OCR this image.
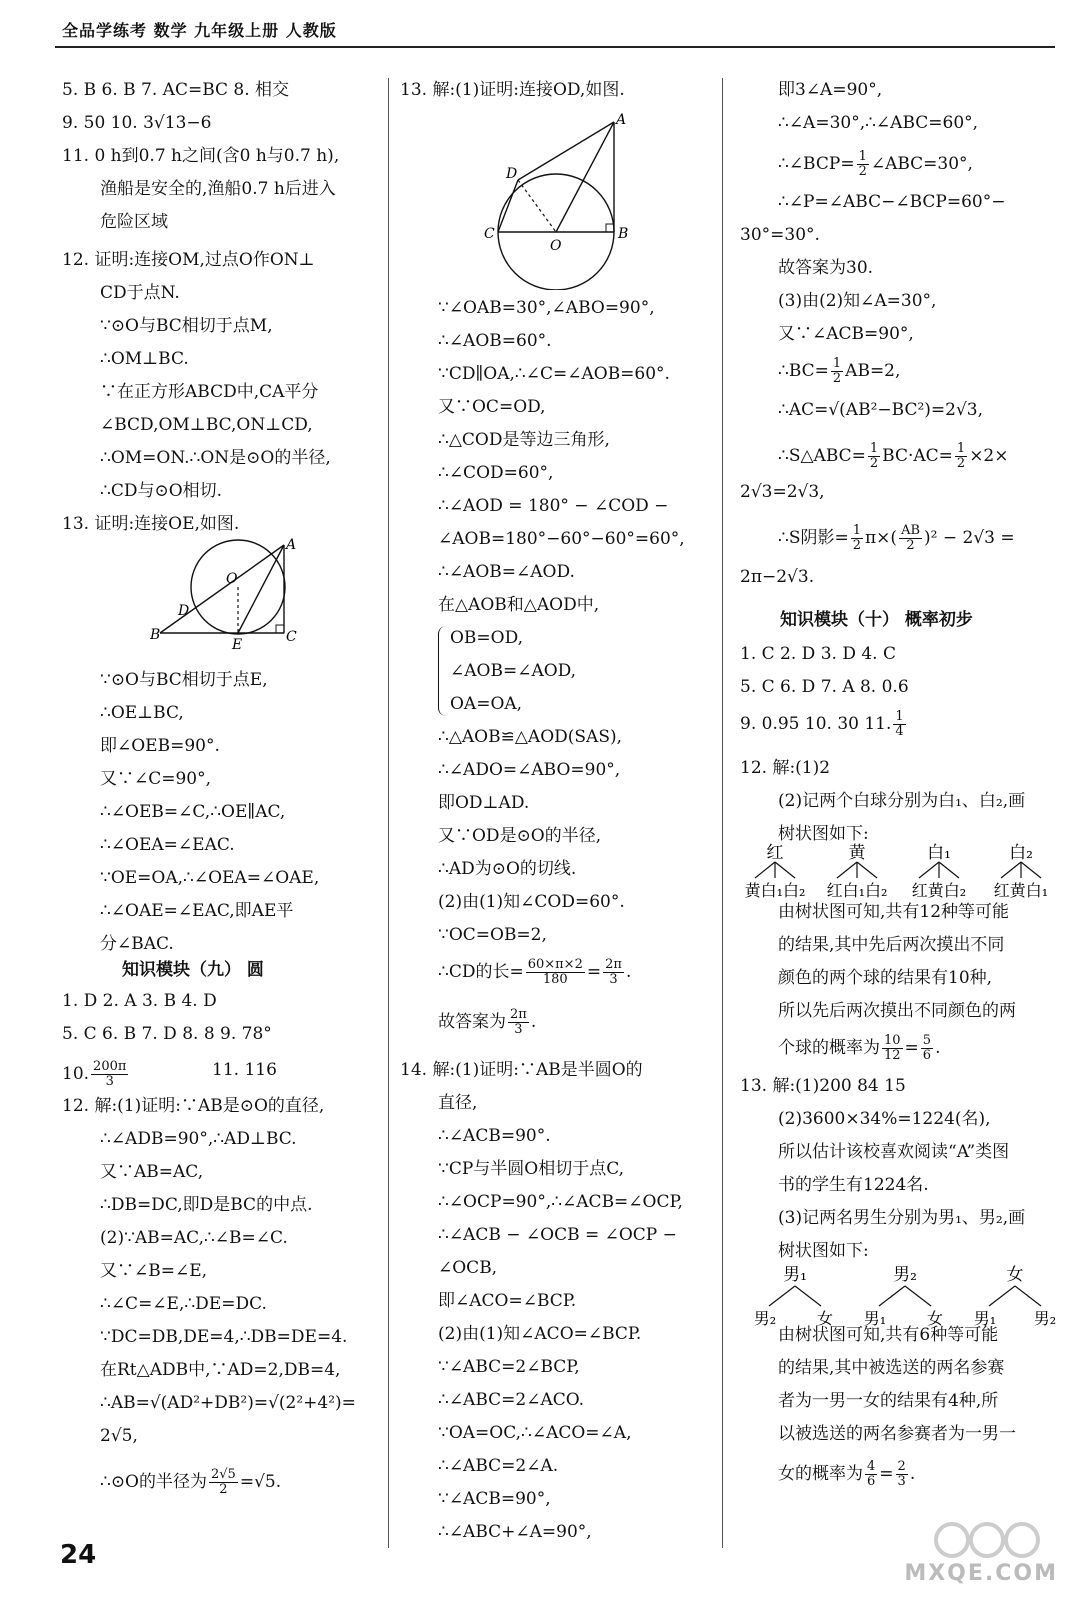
全品学练考 数学 九年级上册 人教版
5. B 6. B 7. AC=BC 8. 相交
9. 50 10. 3√13−6
11. 0 h到0.7 h之间(含0 h与0.7 h),
渔船是安全的,渔船0.7 h后进入
危险区域
12. 证明:连接OM,过点O作ON⊥
CD于点N.
∵⊙O与BC相切于点M,
∴OM⊥BC.
∵在正方形ABCD中,CA平分
∠BCD,OM⊥BC,ON⊥CD,
∴OM=ON.∴ON是⊙O的半径,
∴CD与⊙O相切.
13. 证明:连接OE,如图.
∵⊙O与BC相切于点E,
∴OE⊥BC,
即∠OEB=90°.
又∵∠C=90°,
∴∠OEB=∠C,∴OE∥AC,
∴∠OEA=∠EAC.
∵OE=OA,∴∠OEA=∠OAE,
∴∠OAE=∠EAC,即AE平
分∠BAC.
知识模块（九） 圆
1. D 2. A 3. B 4. D
5. C 6. B 7. D 8. 8 9. 78°
10. $\frac{200\pi}{3}$	11. 116
12. 解:(1)证明:∵AB是⊙O的直径,
∴∠ADB=90°,∴AD⊥BC.
又∵AB=AC,
∴DB=DC,即D是BC的中点.
(2)∵AB=AC,∴∠B=∠C.
又∵∠B=∠E,
∴∠C=∠E,∴DE=DC.
∵DC=DB,DE=4,∴DB=DE=4.
在Rt△ADB中,∵AD=2,DB=4,
∴AB=√(AD²+DB²)=√(2²+4²)=
2√5,
∴⊙O的半径为 $\frac{2√5}{2} =√5$.
13. 解:(1)证明:连接OD,如图.
∵∠OAB=30°,∠ABO=90°,
∴∠AOB=60°.
∵CD∥OA,∴∠C=∠AOB=60°.
又∵OC=OD,
∴△COD是等边三角形,
∴∠COD=60°,
∴∠AOD = 180° − ∠COD −
∠AOB=180°−60°−60°=60°,
∴∠AOB=∠AOD.
在△AOB和△AOD中,
OB=OD,
∠AOB=∠AOD,
OA=OA,
∴△AOB≌△AOD(SAS),
∴∠ADO=∠ABO=90°,
即OD⊥AD.
又∵OD是⊙O的半径,
∴AD为⊙O的切线.
(2)由(1)知∠COD=60°.
∵OC=OB=2,
∴CD的长= $\frac{60\times\pi\times 2}{180} = \frac{2\pi}{3}$ .
故答案为 $\frac{2\pi}{3}$ .
14. 解:(1)证明:∵AB是半圆O的
直径,
∴∠ACB=90°.
∵CP与半圆O相切于点C,
∴∠OCP=90°,∴∠ACB=∠OCP,
∴∠ACB − ∠OCB = ∠OCP −
∠OCB,
即∠ACO=∠BCP.
(2)由(1)知∠ACO=∠BCP.
∵∠ABC=2∠BCP,
∴∠ABC=2∠ACO.
∵OA=OC,∴∠ACO=∠A,
∴∠ABC=2∠A.
∵∠ACB=90°,
∴∠ABC+∠A=90°,
即3∠A=90°,
∴∠A=30°,∴∠ABC=60°,
∴∠BCP= $\frac{1}{2}$ ∠ABC=30°,
∴∠P=∠ABC−∠BCP=60°−
30°=30°.
故答案为30.
(3)由(2)知∠A=30°,
又∵∠ACB=90°,
∴BC= $\frac{1}{2} AB=2$,
∴AC=√(AB²−BC²)=2√3,
∴S△ABC= $\frac{1}{2} BC\cdot AC= \frac{1}{2} \times 2\times$
2√3=2√3,
∴S阴影= $\frac{1}{2} \pi\times( \frac{AB}{2} )^2 - 2√3$ =
2π−2√3.
知识模块（十） 概率初步
1. C 2. D 3. D 4. C
5. C 6. D 7. A 8. 0.6
9. 0.95 10. 30 11. $\frac{1}{4}$
12. 解:(1)2
(2)记两个白球分别为白₁、白₂,画
树状图如下:
由树状图可知,共有12种等可能
的结果,其中先后两次摸出不同
颜色的两个球的结果有10种,
所以先后两次摸出不同颜色的两
个球的概率为 $\frac{10}{12} = \frac{5}{6}$ .
13. 解:(1)200 84 15
(2)3600×34%=1224(名),
所以估计该校喜欢阅读“A”类图
书的学生有1224名.
(3)记两名男生分别为男₁、男₂,画
树状图如下:
由树状图可知,共有6种等可能
的结果,其中被选送的两名参赛
者为一男一女的结果有4种,所
以被选送的两名参赛者为一男一
女的概率为 $\frac{4}{6} = \frac{2}{3}$ .
A
B	C
D
E
O
A
B
C
D
O
红
黄白₁白₂
黄
红白₁白₂
白₁
红黄白₂
白₂
红黄白₁
男₁
男₂	女
男₂
男₁	女
女
男₁ 男₂
24
MXQE.COM
